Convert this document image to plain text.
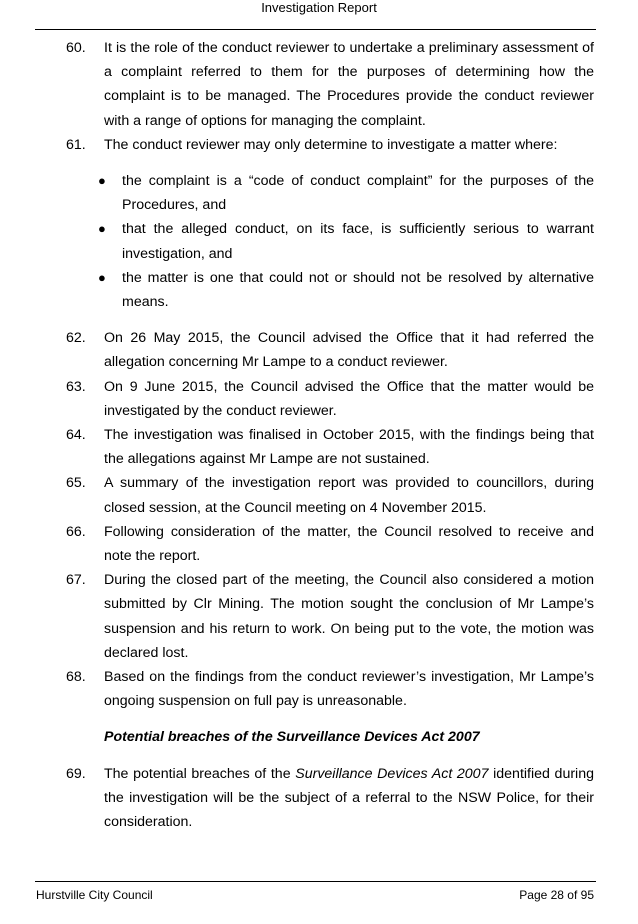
Investigation Report
60. It is the role of the conduct reviewer to undertake a preliminary assessment of a complaint referred to them for the purposes of determining how the complaint is to be managed. The Procedures provide the conduct reviewer with a range of options for managing the complaint.
61. The conduct reviewer may only determine to investigate a matter where:
● the complaint is a “code of conduct complaint” for the purposes of the Procedures, and
● that the alleged conduct, on its face, is sufficiently serious to warrant investigation, and
● the matter is one that could not or should not be resolved by alternative means.
62. On 26 May 2015, the Council advised the Office that it had referred the allegation concerning Mr Lampe to a conduct reviewer.
63. On 9 June 2015, the Council advised the Office that the matter would be investigated by the conduct reviewer.
64. The investigation was finalised in October 2015, with the findings being that the allegations against Mr Lampe are not sustained.
65. A summary of the investigation report was provided to councillors, during closed session, at the Council meeting on 4 November 2015.
66. Following consideration of the matter, the Council resolved to receive and note the report.
67. During the closed part of the meeting, the Council also considered a motion submitted by Clr Mining. The motion sought the conclusion of Mr Lampe’s suspension and his return to work. On being put to the vote, the motion was declared lost.
68. Based on the findings from the conduct reviewer’s investigation, Mr Lampe’s ongoing suspension on full pay is unreasonable.
Potential breaches of the Surveillance Devices Act 2007
69. The potential breaches of the Surveillance Devices Act 2007 identified during the investigation will be the subject of a referral to the NSW Police, for their consideration.
Hurstville City Council	Page 28 of 95
